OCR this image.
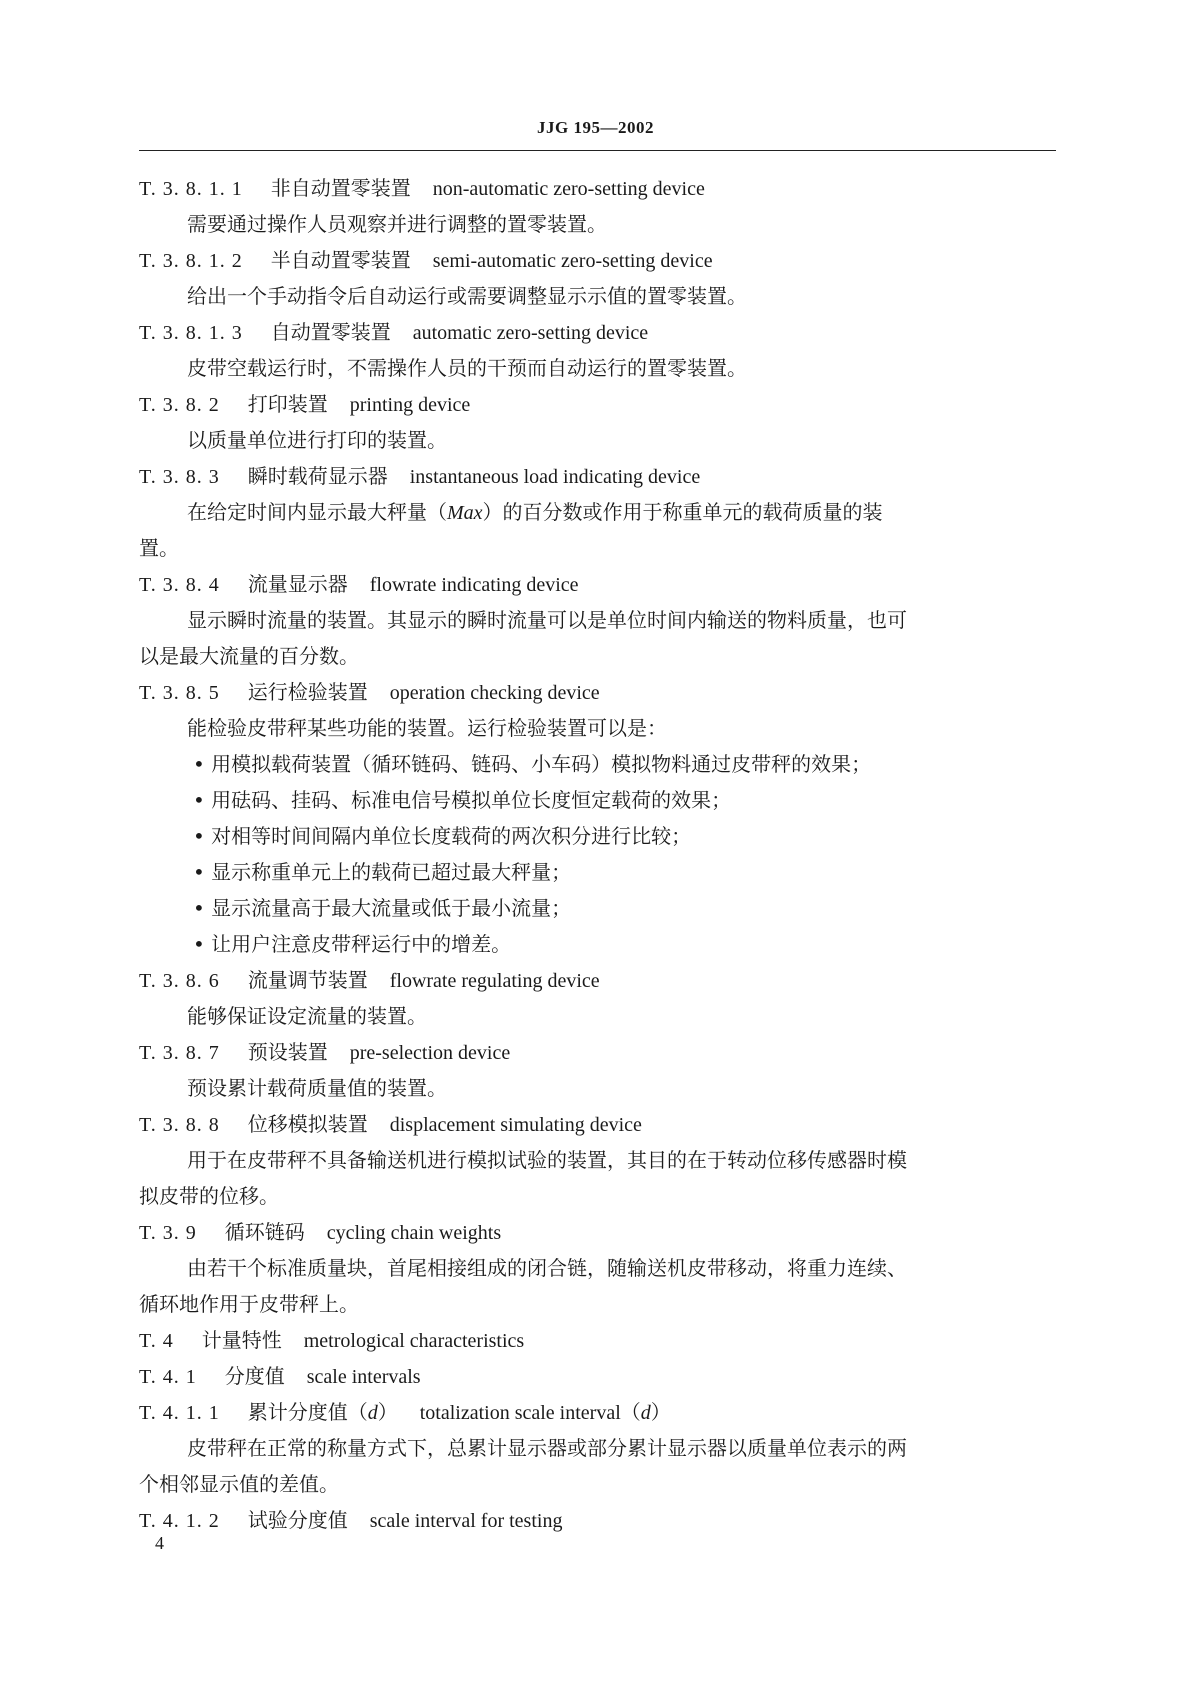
JJG 195—2002
T. 3. 8. 1. 1 非自动置零装置 non-automatic zero-setting device
需要通过操作人员观察并进行调整的置零装置。
T. 3. 8. 1. 2 半自动置零装置 semi-automatic zero-setting device
给出一个手动指令后自动运行或需要调整显示示值的置零装置。
T. 3. 8. 1. 3 自动置零装置 automatic zero-setting device
皮带空载运行时，不需操作人员的干预而自动运行的置零装置。
T. 3. 8. 2 打印装置 printing device
以质量单位进行打印的装置。
T. 3. 8. 3 瞬时载荷显示器 instantaneous load indicating device
在给定时间内显示最大秤量（Max）的百分数或作用于称重单元的载荷质量的装
置。
T. 3. 8. 4 流量显示器 flowrate indicating device
显示瞬时流量的装置。其显示的瞬时流量可以是单位时间内输送的物料质量，也可
以是最大流量的百分数。
T. 3. 8. 5 运行检验装置 operation checking device
能检验皮带秤某些功能的装置。运行检验装置可以是：
• 用模拟载荷装置（循环链码、链码、小车码）模拟物料通过皮带秤的效果；
• 用砝码、挂码、标准电信号模拟单位长度恒定载荷的效果；
• 对相等时间间隔内单位长度载荷的两次积分进行比较；
• 显示称重单元上的载荷已超过最大秤量；
• 显示流量高于最大流量或低于最小流量；
• 让用户注意皮带秤运行中的增差。
T. 3. 8. 6 流量调节装置 flowrate regulating device
能够保证设定流量的装置。
T. 3. 8. 7 预设装置 pre-selection device
预设累计载荷质量值的装置。
T. 3. 8. 8 位移模拟装置 displacement simulating device
用于在皮带秤不具备输送机进行模拟试验的装置，其目的在于转动位移传感器时模
拟皮带的位移。
T. 3. 9 循环链码 cycling chain weights
由若干个标准质量块，首尾相接组成的闭合链，随输送机皮带移动，将重力连续、
循环地作用于皮带秤上。
T. 4 计量特性 metrological characteristics
T. 4. 1 分度值 scale intervals
T. 4. 1. 1 累计分度值（d） totalization scale interval（d）
皮带秤在正常的称量方式下，总累计显示器或部分累计显示器以质量单位表示的两
个相邻显示值的差值。
T. 4. 1. 2 试验分度值 scale interval for testing
4
